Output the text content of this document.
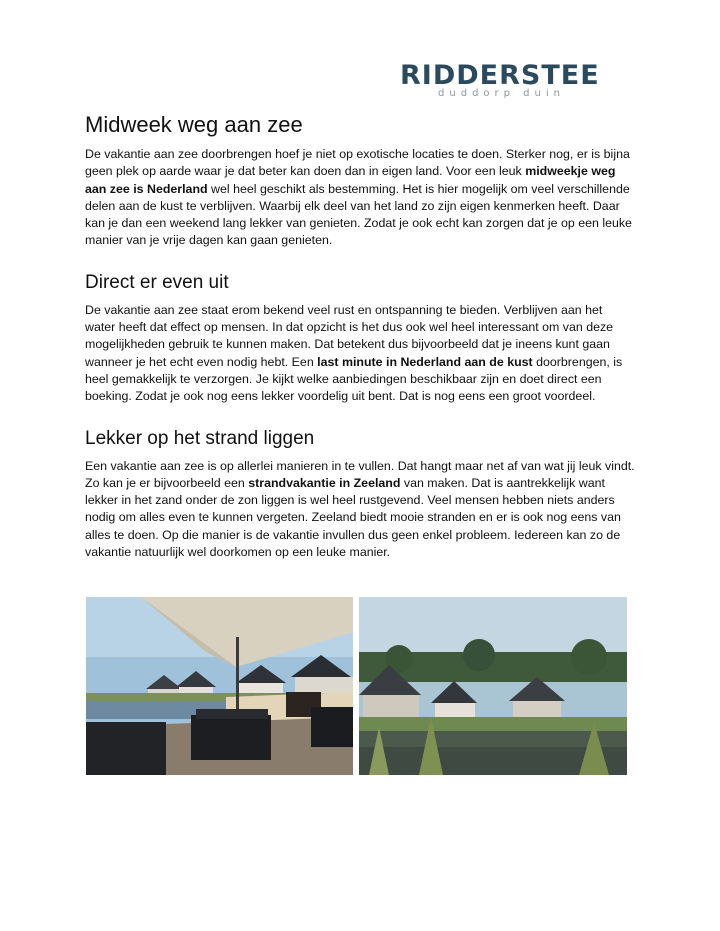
RIDDERSTEE
duddorp duin
Midweek weg aan zee

De vakantie aan zee doorbrengen hoef je niet op exotische locaties te doen. Sterker nog, er is bijna geen plek op aarde waar je dat beter kan doen dan in eigen land. Voor een leuk midweekje weg aan zee is Nederland wel heel geschikt als bestemming. Het is hier mogelijk om veel verschillende delen aan de kust te verblijven. Waarbij elk deel van het land zo zijn eigen kenmerken heeft. Daar kan je dan een weekend lang lekker van genieten. Zodat je ook echt kan zorgen dat je op een leuke manier van je vrije dagen kan gaan genieten.

Direct er even uit

De vakantie aan zee staat erom bekend veel rust en ontspanning te bieden. Verblijven aan het water heeft dat effect op mensen. In dat opzicht is het dus ook wel heel interessant om van deze mogelijkheden gebruik te kunnen maken. Dat betekent dus bijvoorbeeld dat je ineens kunt gaan wanneer je het echt even nodig hebt. Een last minute in Nederland aan de kust doorbrengen, is heel gemakkelijk te verzorgen. Je kijkt welke aanbiedingen beschikbaar zijn en doet direct een boeking. Zodat je ook nog eens lekker voordelig uit bent. Dat is nog eens een groot voordeel.

Lekker op het strand liggen

Een vakantie aan zee is op allerlei manieren in te vullen. Dat hangt maar net af van wat jij leuk vindt. Zo kan je er bijvoorbeeld een strandvakantie in Zeeland van maken. Dat is aantrekkelijk want lekker in het zand onder de zon liggen is wel heel rustgevend. Veel mensen hebben niets anders nodig om alles even te kunnen vergeten. Zeeland biedt mooie stranden en er is ook nog eens van alles te doen. Op die manier is de vakantie invullen dus geen enkel probleem. Iedereen kan zo de vakantie natuurlijk wel doorkomen op een leuke manier.
